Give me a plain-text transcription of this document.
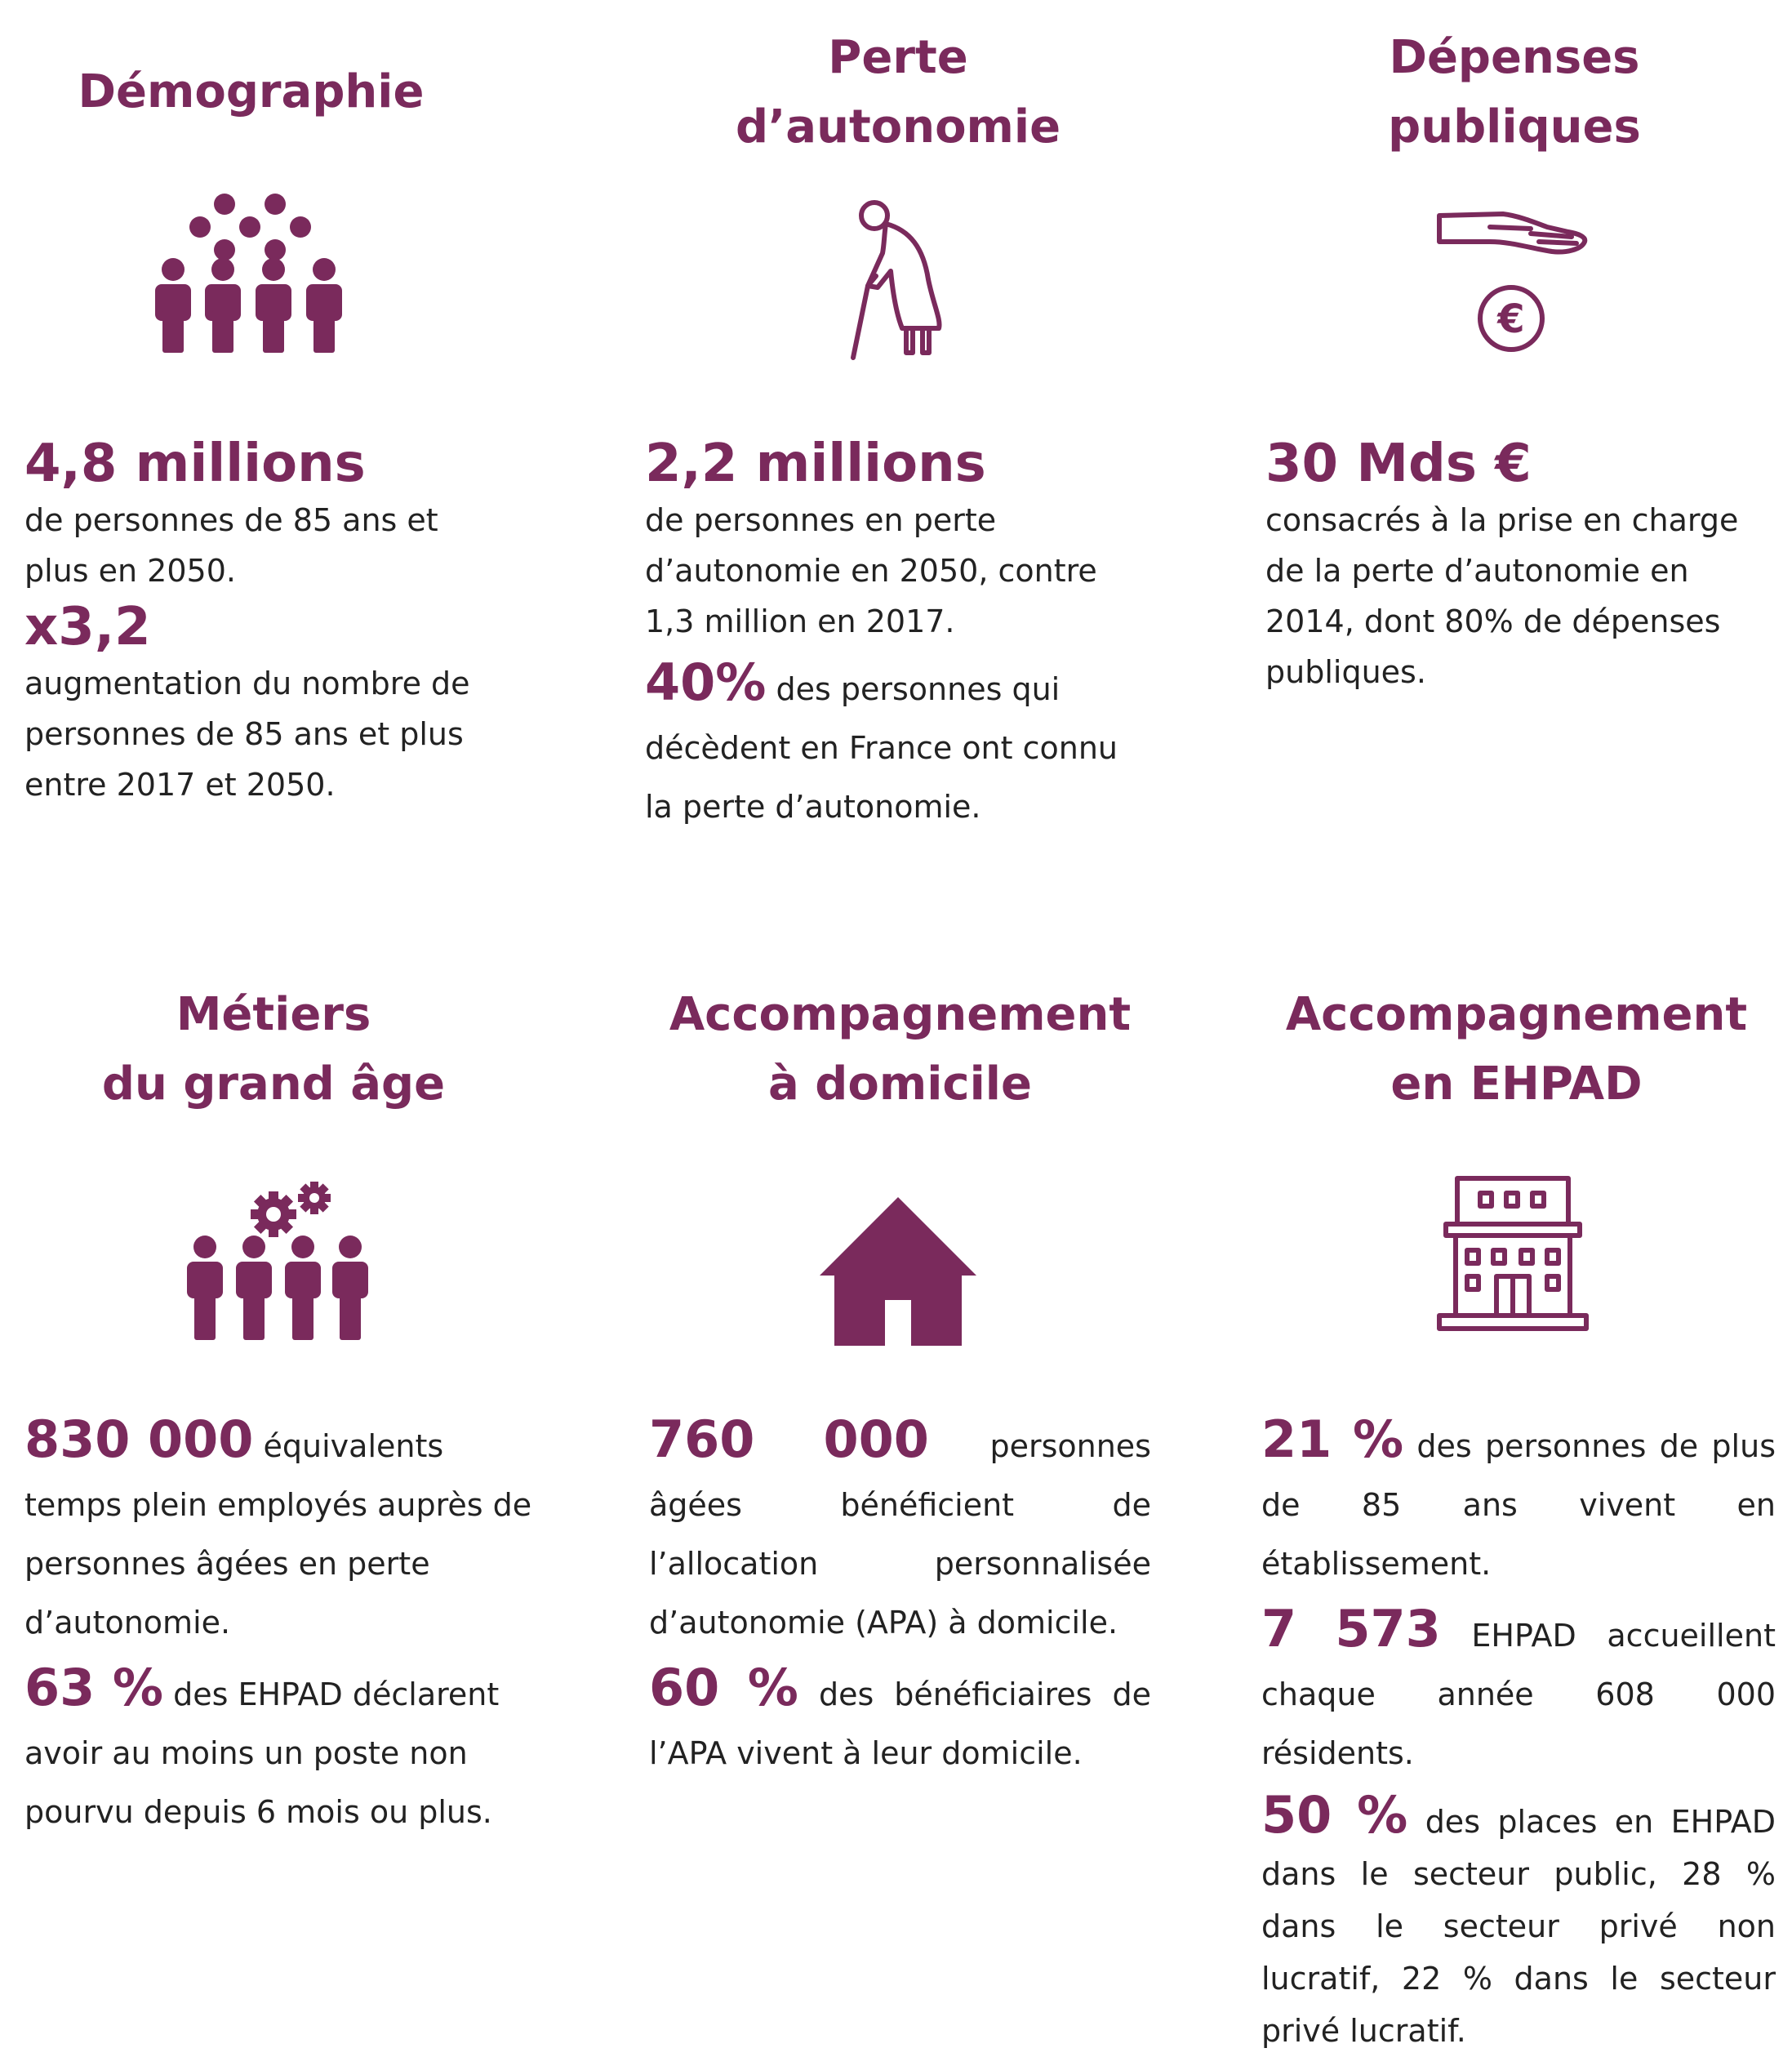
Démographie

4,8 millions

de personnes de 85 ans et plus en 2050.

x3,2

augmentation du nombre de personnes de 85 ans et plus entre 2017 et 2050.

Perte
d’autonomie

2,2 millions

de personnes en perte d’autonomie en 2050, contre 1,3 million en 2017.

40% des personnes qui décèdent en France ont connu la perte d’autonomie.

Dépenses
publiques
€

30 Mds €

consacrés à la prise en charge de la perte d’autonomie en 2014, dont 80% de dépenses publiques.

Métiers
du grand âge

830 000 équivalents temps plein employés auprès de personnes âgées en perte d’autonomie.

63 % des EHPAD déclarent avoir au moins un poste non pourvu depuis 6 mois ou plus.

Accompagnement
à domicile

760 000 personnes âgées bénéficient de l’allocation personnalisée d’autonomie (APA) à domicile.

60 % des bénéficiaires de l’APA vivent à leur domicile.

Accompagnement
en EHPAD

21 % des personnes de plus de 85 ans vivent en établissement.

7 573 EHPAD accueillent chaque année 608 000 résidents.

50 % des places en EHPAD dans le secteur public, 28 % dans le secteur privé non lucratif, 22 % dans le secteur privé lucratif.
